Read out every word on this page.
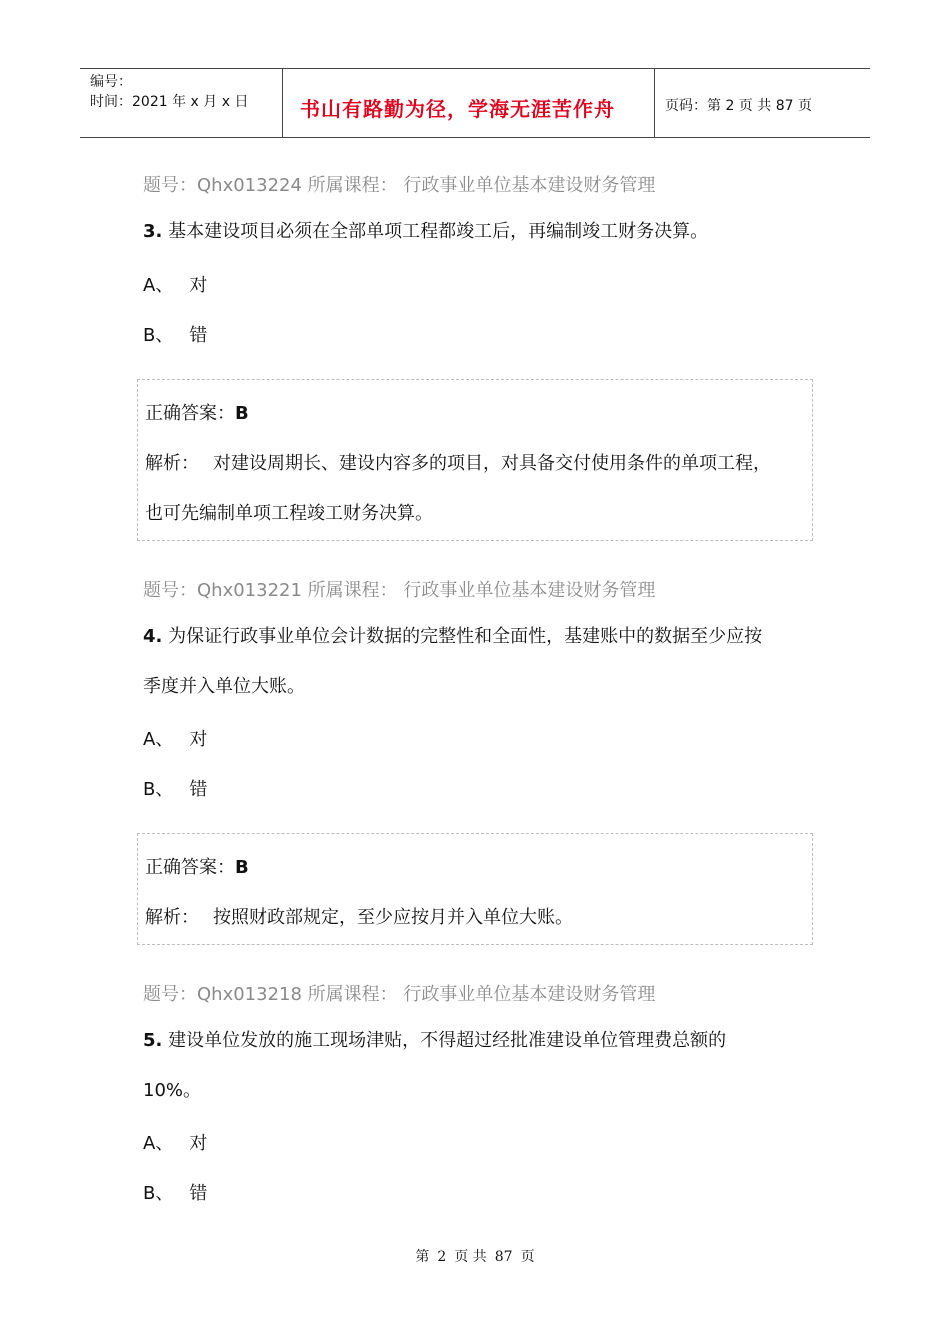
编号：
时间：2021 年 x 月 x 日	书山有路勤为径，学海无涯苦作舟	页码：第 2 页 共 87 页
题号：Qhx013224 所属课程： 行政事业单位基本建设财务管理
3. 基本建设项目必须在全部单项工程都竣工后，再编制竣工财务决算。
A、 对
B、 错
正确答案：B
解析： 对建设周期长、建设内容多的项目，对具备交付使用条件的单项工程，
也可先编制单项工程竣工财务决算。
题号：Qhx013221 所属课程： 行政事业单位基本建设财务管理
4. 为保证行政事业单位会计数据的完整性和全面性，基建账中的数据至少应按
季度并入单位大账。
A、 对
B、 错
正确答案：B
解析： 按照财政部规定，至少应按月并入单位大账。
题号：Qhx013218 所属课程： 行政事业单位基本建设财务管理
5. 建设单位发放的施工现场津贴，不得超过经批准建设单位管理费总额的
10%。
A、 对
B、 错
第 2 页 共 87 页
